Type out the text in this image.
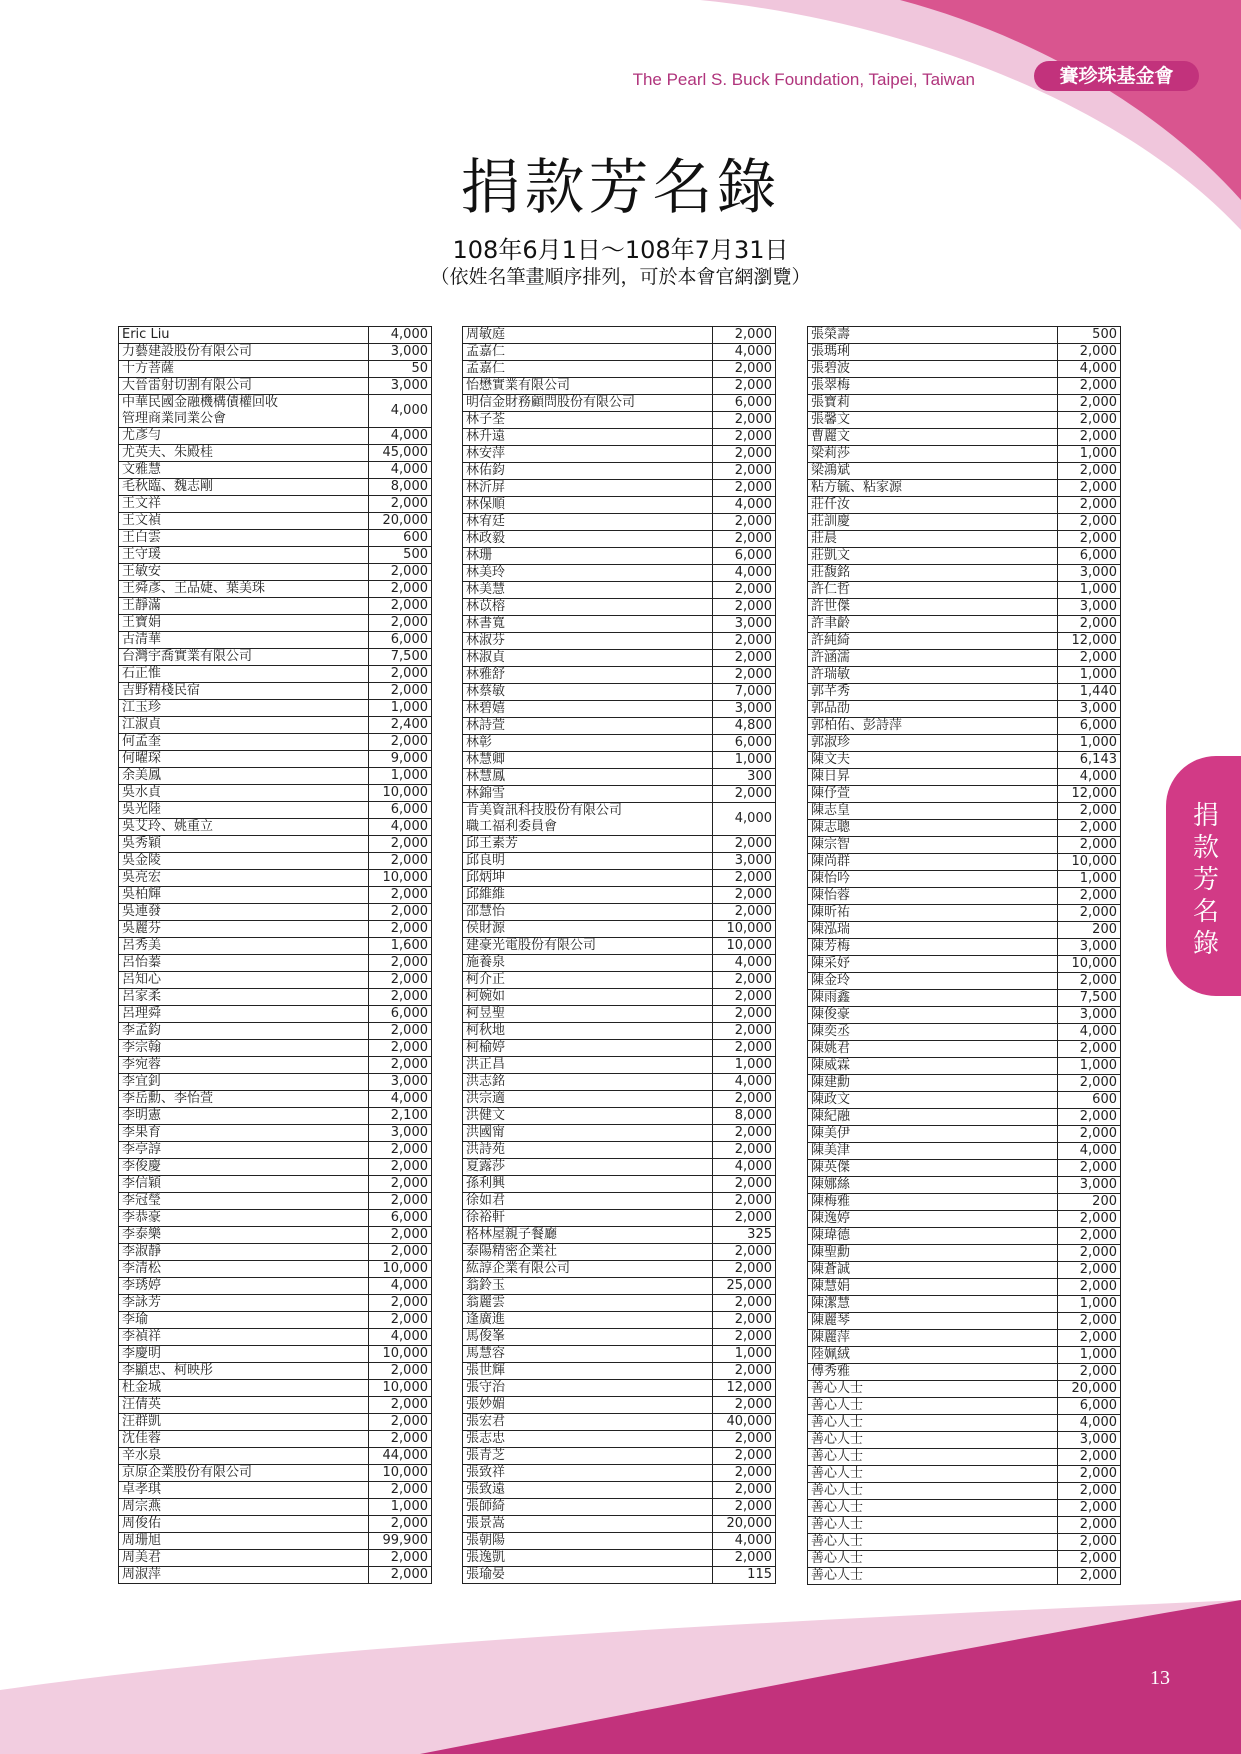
The Pearl S. Buck Foundation, Taipei, Taiwan	賽珍珠基金會
捐款芳名錄
108年6月1日～108年7月31日
（依姓名筆畫順序排列，可於本會官網瀏覽）
Eric Liu	4,000

力藝建設股份有限公司	3,000

十方菩薩	50

大晉雷射切割有限公司	3,000

中華民國金融機構債權回收
管理商業同業公會	4,000

尤彥勻	4,000

尤英夫、朱殿桂	45,000

文雅慧	4,000

毛秋臨、魏志剛	8,000

王文祥	2,000

王文禎	20,000

王白雲	600

王守瑗	500

王敏安	2,000

王舜彥、王品婕、葉美珠	2,000

王靜滿	2,000

王寶娟	2,000

古清華	6,000

台灣宇喬實業有限公司	7,500

石正惟	2,000

吉野精棧民宿	2,000

江玉珍	1,000

江淑貞	2,400

何孟奎	2,000

何曜琛	9,000

余美鳳	1,000

吳水貞	10,000

吳光陸	6,000

吳艾玲、姚重立	4,000

吳秀穎	2,000

吳金陵	2,000

吳亮宏	10,000

吳柏輝	2,000

吳連發	2,000

吳麗芬	2,000

呂秀美	1,600

呂怡蓁	2,000

呂知心	2,000

呂家柔	2,000

呂理舜	6,000

李孟鈞	2,000

李宗翰	2,000

李宛蓉	2,000

李宜釗	3,000

李岳勳、李怡萱	4,000

李明憲	2,100

李果育	3,000

李亭諄	2,000

李俊慶	2,000

李信穎	2,000

李冠瑩	2,000

李恭豪	6,000

李泰樂	2,000

李淑靜	2,000

李清松	10,000

李琇婷	4,000

李詠芳	2,000

李瑜	2,000

李禎祥	4,000

李慶明	10,000

李顯忠、柯映彤	2,000

杜金城	10,000

汪倩英	2,000

汪群凱	2,000

沈佳蓉	2,000

辛水泉	44,000

京原企業股份有限公司	10,000

卓孝琪	2,000

周宗燕	1,000

周俊佑	2,000

周珊旭	99,900

周美君	2,000

周淑萍	2,000
周敏庭	2,000

孟嘉仁	4,000

孟嘉仁	2,000

怡懋實業有限公司	2,000

明信金財務顧問股份有限公司	6,000

林子荃	2,000

林升遠	2,000

林安萍	2,000

林佑鈞	2,000

林沂屏	2,000

林保順	4,000

林宥廷	2,000

林政毅	2,000

林珊	6,000

林美玲	4,000

林美慧	2,000

林苡榕	2,000

林書寬	3,000

林淑芬	2,000

林淑貞	2,000

林雅舒	2,000

林蔡敏	7,000

林碧嬉	3,000

林詩萱	4,800

林彰	6,000

林慧卿	1,000

林慧鳳	300

林錦雪	2,000

肯美資訊科技股份有限公司
職工福利委員會	4,000

邱王素芳	2,000

邱良明	3,000

邱炳坤	2,000

邱維維	2,000

邵慧怡	2,000

侯財源	10,000

建豪光電股份有限公司	10,000

施養泉	4,000

柯介正	2,000

柯婉如	2,000

柯昱聖	2,000

柯秋地	2,000

柯榆婷	2,000

洪正昌	1,000

洪志銘	4,000

洪宗適	2,000

洪健文	8,000

洪國甯	2,000

洪詩苑	2,000

夏露莎	4,000

孫利興	2,000

徐如君	2,000

徐裕軒	2,000

格林屋親子餐廳	325

泰陽精密企業社	2,000

紘諄企業有限公司	2,000

翁鈴玉	25,000

翁麗雲	2,000

逢廣進	2,000

馬俊峯	2,000

馬慧容	1,000

張世輝	2,000

張守治	12,000

張妙媚	2,000

張宏君	40,000

張志忠	2,000

張青芝	2,000

張致祥	2,000

張致遠	2,000

張師綺	2,000

張景嵩	20,000

張朝陽	4,000

張逸凱	2,000

張瑜晏	115
張榮壽	500

張瑪琍	2,000

張碧波	4,000

張翠梅	2,000

張寶莉	2,000

張馨文	2,000

曹麗文	2,000

梁莉莎	1,000

梁鴻斌	2,000

粘方毓、粘家源	2,000

莊仟汝	2,000

莊訓慶	2,000

莊晨	2,000

莊凱文	6,000

莊馥銘	3,000

許仁哲	1,000

許世傑	3,000

許聿齡	2,000

許純綺	12,000

許涵濡	2,000

許瑞敏	1,000

郭芊秀	1,440

郭品劭	3,000

郭柏佑、彭詩萍	6,000

郭淑珍	1,000

陳文夫	6,143

陳日昇	4,000

陳伃萱	12,000

陳志皇	2,000

陳志聰	2,000

陳宗智	2,000

陳尚群	10,000

陳怡吟	1,000

陳怡蓉	2,000

陳昕祐	2,000

陳泓瑞	200

陳芳梅	3,000

陳采妤	10,000

陳金玲	2,000

陳雨鑫	7,500

陳俊豪	3,000

陳奕丞	4,000

陳姚君	2,000

陳威霖	1,000

陳建勳	2,000

陳政文	600

陳紀融	2,000

陳美伊	2,000

陳美津	4,000

陳英傑	2,000

陳娜絲	3,000

陳梅雅	200

陳逸婷	2,000

陳瑋德	2,000

陳聖勳	2,000

陳蒼誠	2,000

陳慧娟	2,000

陳潔慧	1,000

陳麗琴	2,000

陳麗萍	2,000

陸姵絨	1,000

傅秀雅	2,000

善心人士	20,000

善心人士	6,000

善心人士	4,000

善心人士	3,000

善心人士	2,000

善心人士	2,000

善心人士	2,000

善心人士	2,000

善心人士	2,000

善心人士	2,000

善心人士	2,000

善心人士	2,000
捐
款
芳
名
錄
13
